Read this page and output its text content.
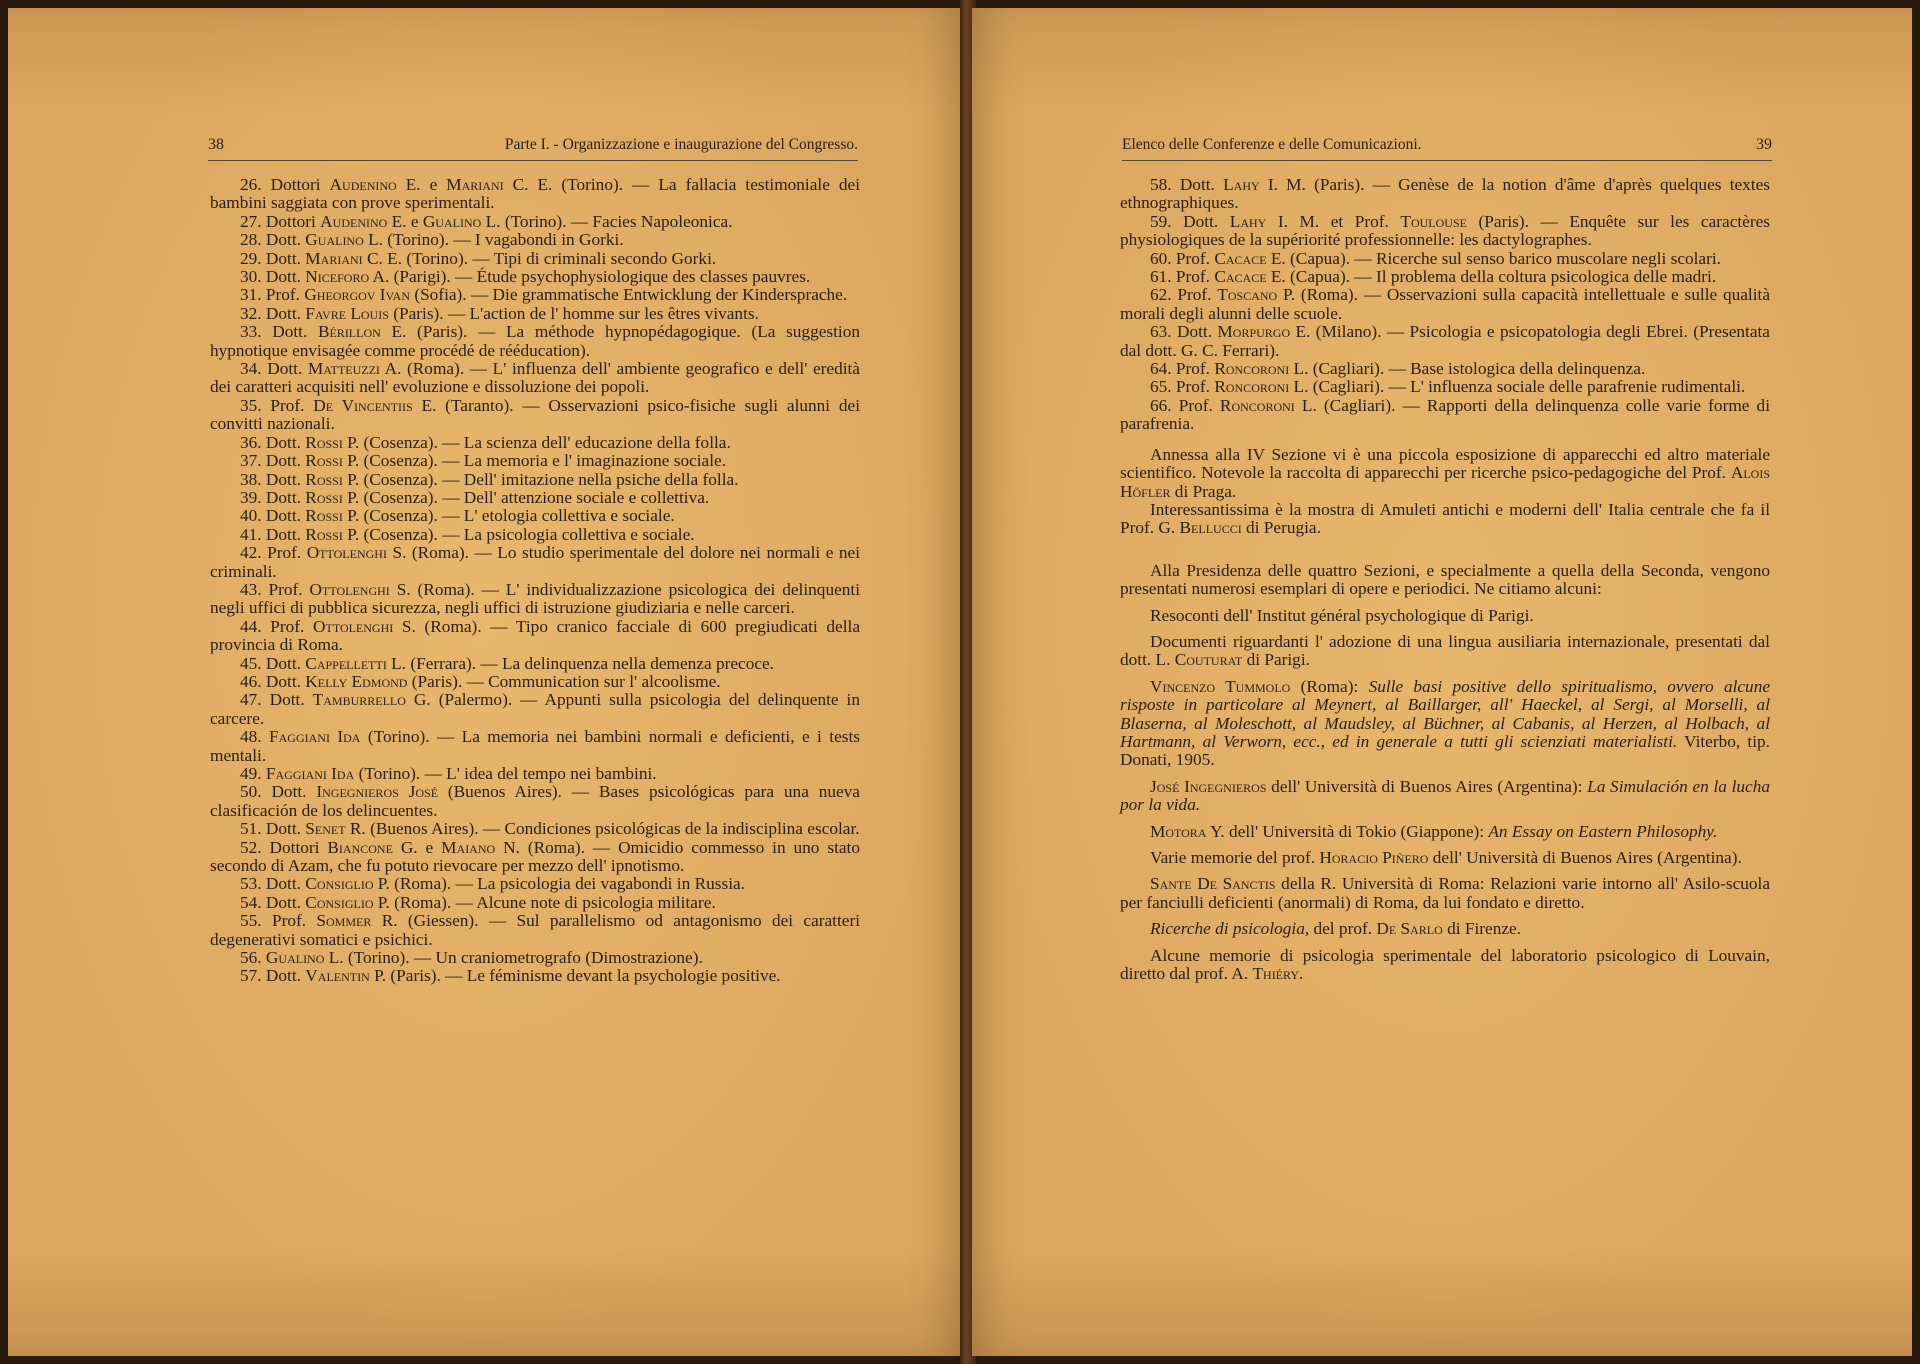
38	Parte I. - Organizzazione e inaugurazione del Congresso.

26. Dottori Audenino E. e Mariani C. E. (Torino). — La fallacia testimoniale dei bambini saggiata con prove sperimentali.

27. Dottori Audenino E. e Gualino L. (Torino). — Facies Napoleonica.

28. Dott. Gualino L. (Torino). — I vagabondi in Gorki.

29. Dott. Mariani C. E. (Torino). — Tipi di criminali secondo Gorki.

30. Dott. Niceforo A. (Parigi). — Étude psychophysiologique des classes pauvres.

31. Prof. Gheorgov Ivan (Sofia). — Die grammatische Entwicklung der Kindersprache.

32. Dott. Favre Louis (Paris). — L'action de l' homme sur les êtres vivants.

33. Dott. Bérillon E. (Paris). — La méthode hypnopédagogique. (La suggestion hypnotique envisagée comme procédé de rééducation).

34. Dott. Matteuzzi A. (Roma). — L' influenza dell' ambiente geografico e dell' eredità dei caratteri acquisiti nell' evoluzione e dissoluzione dei popoli.

35. Prof. De Vincentiis E. (Taranto). — Osservazioni psico-fisiche sugli alunni dei convitti nazionali.

36. Dott. Rossi P. (Cosenza). — La scienza dell' educazione della folla.

37. Dott. Rossi P. (Cosenza). — La memoria e l' imaginazione sociale.

38. Dott. Rossi P. (Cosenza). — Dell' imitazione nella psiche della folla.

39. Dott. Rossi P. (Cosenza). — Dell' attenzione sociale e collettiva.

40. Dott. Rossi P. (Cosenza). — L' etologia collettiva e sociale.

41. Dott. Rossi P. (Cosenza). — La psicologia collettiva e sociale.

42. Prof. Ottolenghi S. (Roma). — Lo studio sperimentale del dolore nei normali e nei criminali.

43. Prof. Ottolenghi S. (Roma). — L' individualizzazione psicologica dei delinquenti negli uffici di pubblica sicurezza, negli uffici di istruzione giudiziaria e nelle carceri.

44. Prof. Ottolenghi S. (Roma). — Tipo cranico facciale di 600 pregiudicati della provincia di Roma.

45. Dott. Cappelletti L. (Ferrara). — La delinquenza nella demenza precoce.

46. Dott. Kelly Edmond (Paris). — Communication sur l' alcoolisme.

47. Dott. Tamburrello G. (Palermo). — Appunti sulla psicologia del delinquente in carcere.

48. Faggiani Ida (Torino). — La memoria nei bambini normali e deficienti, e i tests mentali.

49. Faggiani Ida (Torino). — L' idea del tempo nei bambini.

50. Dott. Ingegnieros José (Buenos Aires). — Bases psicológicas para una nueva clasificación de los delincuentes.

51. Dott. Senet R. (Buenos Aires). — Condiciones psicológicas de la indisciplina escolar.

52. Dottori Biancone G. e Maiano N. (Roma). — Omicidio commesso in uno stato secondo di Azam, che fu potuto rievocare per mezzo dell' ipnotismo.

53. Dott. Consiglio P. (Roma). — La psicologia dei vagabondi in Russia.

54. Dott. Consiglio P. (Roma). — Alcune note di psicologia militare.

55. Prof. Sommer R. (Giessen). — Sul parallelismo od antagonismo dei caratteri degenerativi somatici e psichici.

56. Gualino L. (Torino). — Un craniometrografo (Dimostrazione).

57. Dott. Valentin P. (Paris). — Le féminisme devant la psychologie positive.

Elenco delle Conferenze e delle Comunicazioni.	39

58. Dott. Lahy I. M. (Paris). — Genèse de la notion d'âme d'après quelques textes ethnographiques.

59. Dott. Lahy I. M. et Prof. Toulouse (Paris). — Enquête sur les caractères physiologiques de la supériorité professionnelle: les dactylographes.

60. Prof. Cacace E. (Capua). — Ricerche sul senso barico muscolare negli scolari.

61. Prof. Cacace E. (Capua). — Il problema della coltura psicologica delle madri.

62. Prof. Toscano P. (Roma). — Osservazioni sulla capacità intellettuale e sulle qualità morali degli alunni delle scuole.

63. Dott. Morpurgo E. (Milano). — Psicologia e psicopatologia degli Ebrei. (Presentata dal dott. G. C. Ferrari).

64. Prof. Roncoroni L. (Cagliari). — Base istologica della delinquenza.

65. Prof. Roncoroni L. (Cagliari). — L' influenza sociale delle parafrenie rudimentali.

66. Prof. Roncoroni L. (Cagliari). — Rapporti della delinquenza colle varie forme di parafrenia.

Annessa alla IV Sezione vi è una piccola esposizione di apparecchi ed altro materiale scientifico. Notevole la raccolta di apparecchi per ricerche psico-pedagogiche del Prof. Alois Höfler di Praga.

Interessantissima è la mostra di Amuleti antichi e moderni dell' Italia centrale che fa il Prof. G. Bellucci di Perugia.

Alla Presidenza delle quattro Sezioni, e specialmente a quella della Seconda, vengono presentati numerosi esemplari di opere e periodici. Ne citiamo alcuni:

Resoconti dell' Institut général psychologique di Parigi.

Documenti riguardanti l' adozione di una lingua ausiliaria internazionale, presentati dal dott. L. Couturat di Parigi.

Vincenzo Tummolo (Roma): Sulle basi positive dello spiritualismo, ovvero alcune risposte in particolare al Meynert, al Baillarger, all' Haeckel, al Sergi, al Morselli, al Blaserna, al Moleschott, al Maudsley, al Büchner, al Cabanis, al Herzen, al Holbach, al Hartmann, al Verworn, ecc., ed in generale a tutti gli scienziati materialisti. Viterbo, tip. Donati, 1905.

José Ingegnieros dell' Università di Buenos Aires (Argentina): La Simulación en la lucha por la vida.

Motora Y. dell' Università di Tokio (Giappone): An Essay on Eastern Philosophy.

Varie memorie del prof. Horacio Piñero dell' Università di Buenos Aires (Argentina).

Sante De Sanctis della R. Università di Roma: Relazioni varie intorno all' Asilo-scuola per fanciulli deficienti (anormali) di Roma, da lui fondato e diretto.

Ricerche di psicologia, del prof. De Sarlo di Firenze.

Alcune memorie di psicologia sperimentale del laboratorio psicologico di Louvain, diretto dal prof. A. Thiéry.
